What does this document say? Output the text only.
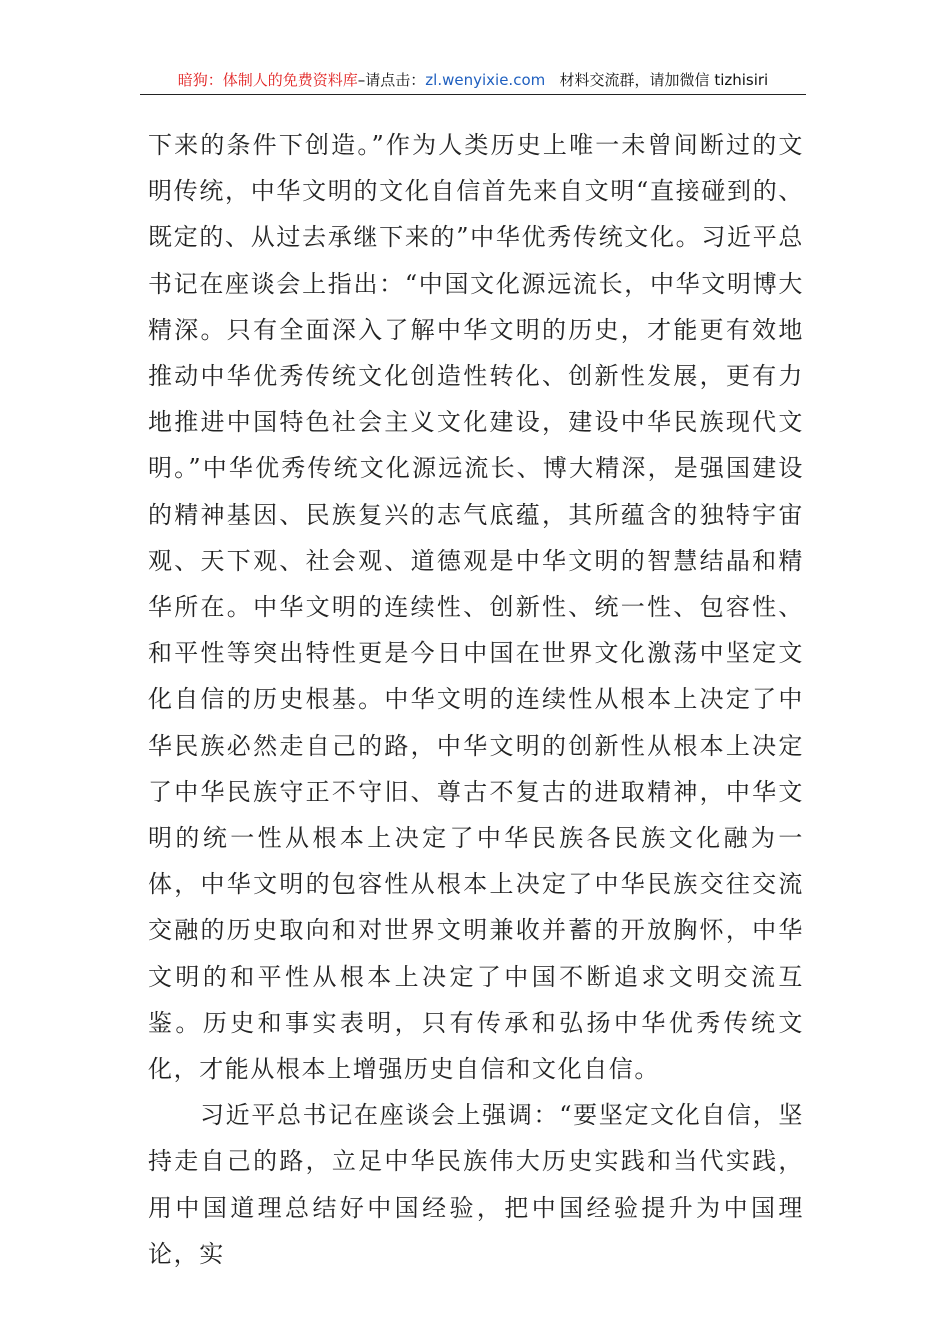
暗狗：体制人的免费资料库–请点击：zl.wenyixie.com 材料交流群，请加微信 tizhisiri

下来的条件下创造。”作为人类历史上唯一未曾间断过的文明传统，中华文明的文化自信首先来自文明“直接碰到的、既定的、从过去承继下来的”中华优秀传统文化。习近平总书记在座谈会上指出：“中国文化源远流长，中华文明博大精深。只有全面深入了解中华文明的历史，才能更有效地推动中华优秀传统文化创造性转化、创新性发展，更有力地推进中国特色社会主义文化建设，建设中华民族现代文明。”中华优秀传统文化源远流长、博大精深，是强国建设的精神基因、民族复兴的志气底蕴，其所蕴含的独特宇宙观、天下观、社会观、道德观是中华文明的智慧结晶和精华所在。中华文明的连续性、创新性、统一性、包容性、和平性等突出特性更是今日中国在世界文化激荡中坚定文化自信的历史根基。中华文明的连续性从根本上决定了中华民族必然走自己的路，中华文明的创新性从根本上决定了中华民族守正不守旧、尊古不复古的进取精神，中华文明的统一性从根本上决定了中华民族各民族文化融为一体，中华文明的包容性从根本上决定了中华民族交往交流交融的历史取向和对世界文明兼收并蓄的开放胸怀，中华文明的和平性从根本上决定了中国不断追求文明交流互鉴。历史和事实表明，只有传承和弘扬中华优秀传统文化，才能从根本上增强历史自信和文化自信。

习近平总书记在座谈会上强调：“要坚定文化自信，坚持走自己的路，立足中华民族伟大历史实践和当代实践，用中国道理总结好中国经验，把中国经验提升为中国理论，实
